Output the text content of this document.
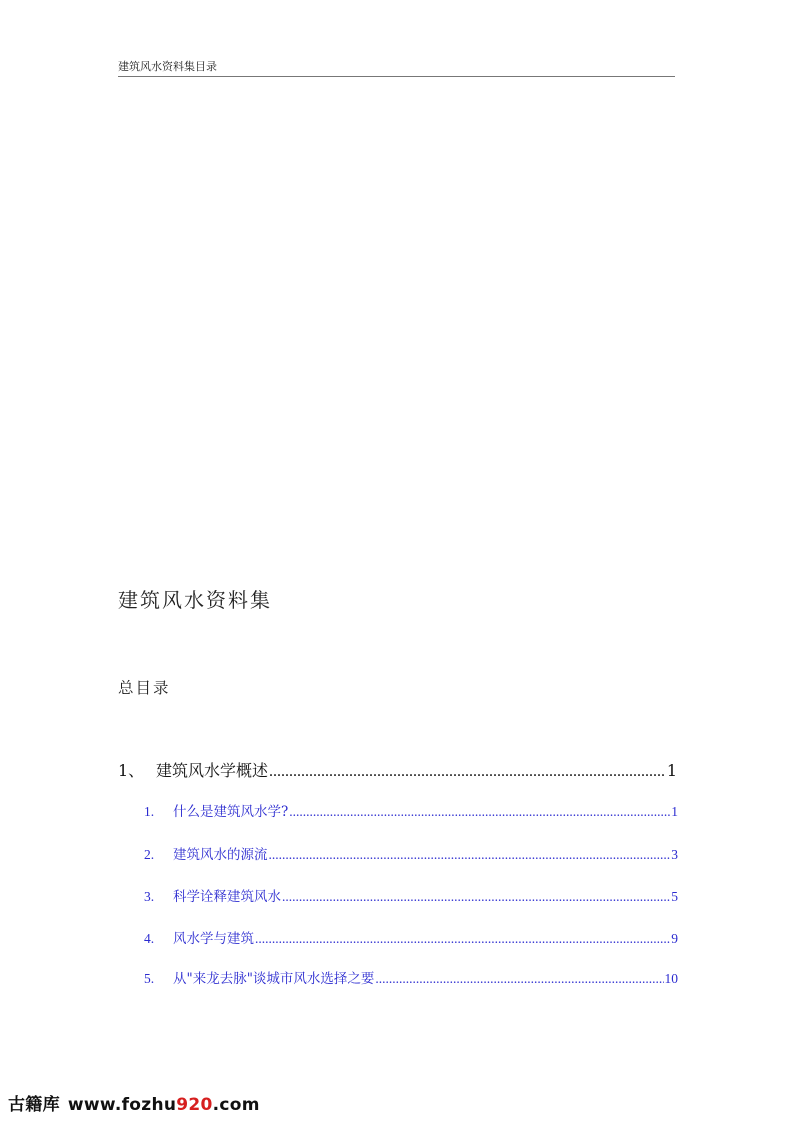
建筑风水资料集目录
建筑风水资料集
总目录
1、 建筑风水学概述 .....	1
1.	什么是建筑风水学? .....	1
2.	建筑风水的源流 .....	3
3.	科学诠释建筑风水 .....	5
4.	风水学与建筑 .....	9
5.	从"来龙去脉"谈城市风水选择之要 .....	10
古籍库 www.fozhu920.com
